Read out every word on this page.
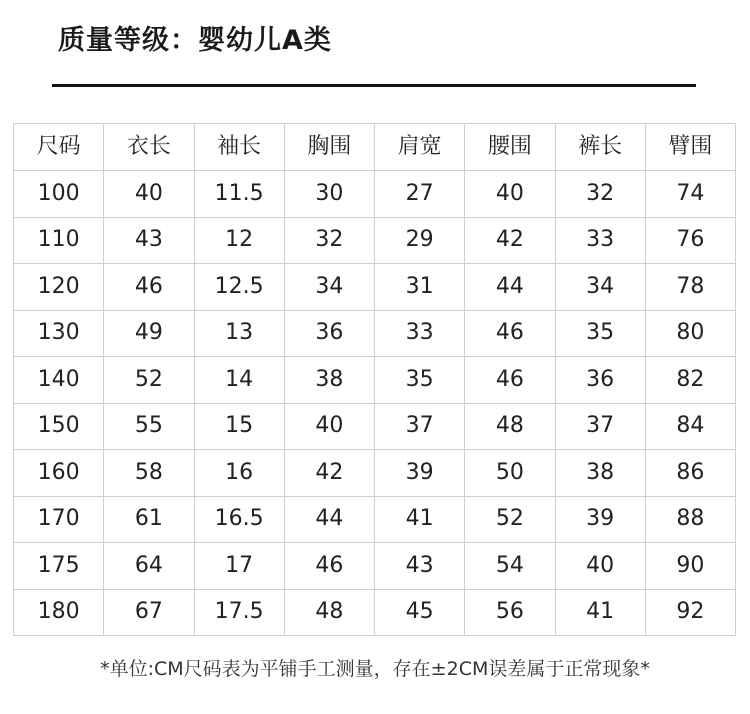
质量等级：婴幼儿A类
尺码	衣长	袖长	胸围	肩宽	腰围	裤长	臂围
100	40	11.5	30	27	40	32	74
110	43	12	32	29	42	33	76
120	46	12.5	34	31	44	34	78
130	49	13	36	33	46	35	80
140	52	14	38	35	46	36	82
150	55	15	40	37	48	37	84
160	58	16	42	39	50	38	86
170	61	16.5	44	41	52	39	88
175	64	17	46	43	54	40	90
180	67	17.5	48	45	56	41	92
*单位:CM尺码表为平铺手工测量，存在±2CM误差属于正常现象*
